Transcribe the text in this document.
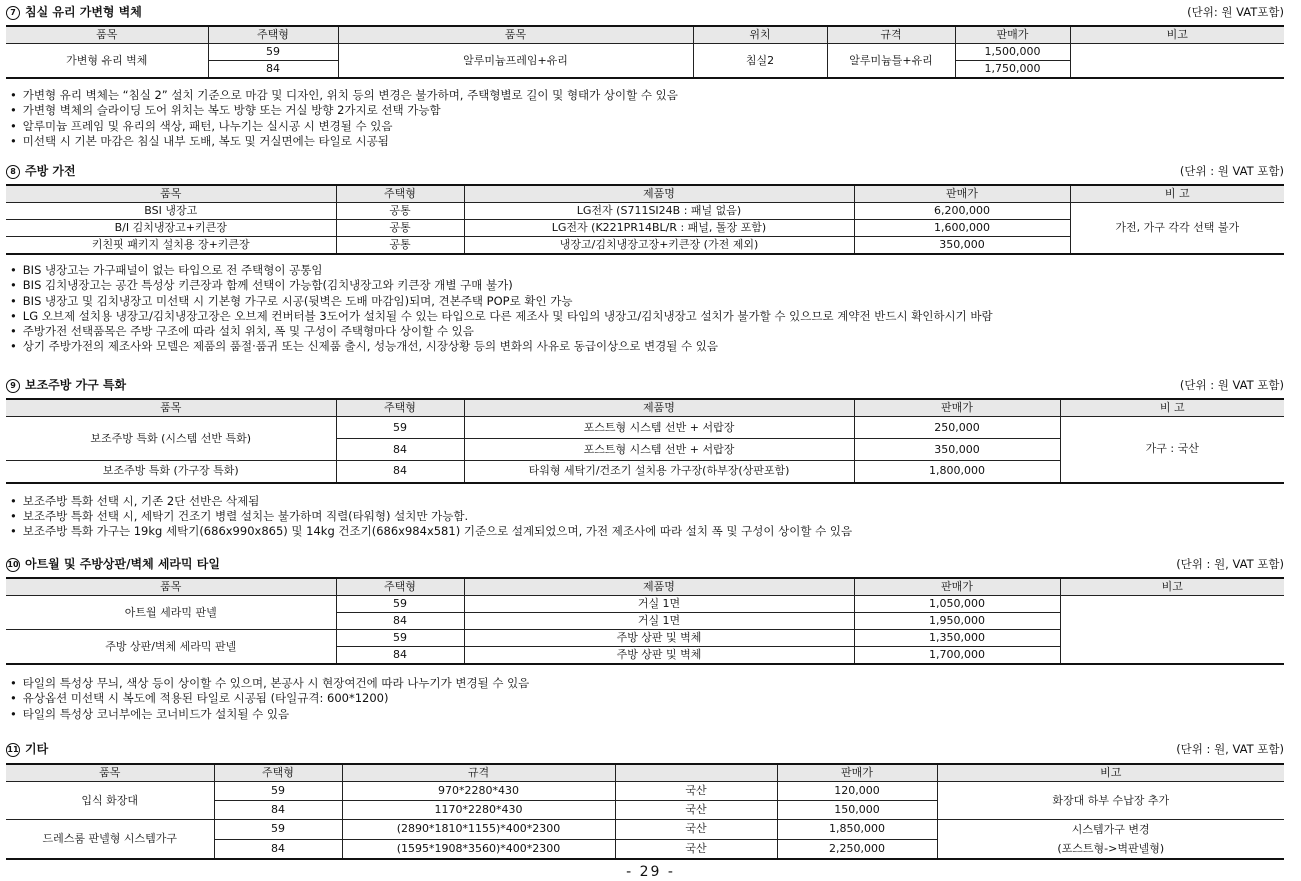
7 침실 유리 가변형 벽체	(단위: 원 VAT포함)
품목	주택형	품목	위치	규격	판매가	비고
가변형 유리 벽체	59	알루미늄프레임+유리	침실2	알루미늄틀+유리	1,500,000	
	84				1,750,000	
• 가변형 유리 벽체는 “침실 2” 설치 기준으로 마감 및 디자인, 위치 등의 변경은 불가하며, 주택형별로 길이 및 형태가 상이할 수 있음
• 가변형 벽체의 슬라이딩 도어 위치는 복도 방향 또는 거실 방향 2가지로 선택 가능함
• 알루미늄 프레임 및 유리의 색상, 패턴, 나누기는 실시공 시 변경될 수 있음
• 미선택 시 기본 마감은 침실 내부 도배, 복도 및 거실면에는 타일로 시공됨
8 주방 가전	(단위 : 원 VAT 포함)
품목	주택형	제품명	판매가	비 고
BSI 냉장고	공통	LG전자 (S711SI24B : 패널 없음)	6,200,000	가전, 가구 각각 선택 불가
B/I 김치냉장고+키큰장	공통	LG전자 (K221PR14BL/R : 패널, 톨장 포함)	1,600,000	
키친핏 패키지 설치용 장+키큰장	공통	냉장고/김치냉장고장+키큰장 (가전 제외)	350,000	
• BIS 냉장고는 가구패널이 없는 타입으로 전 주택형이 공통임
• BIS 김치냉장고는 공간 특성상 키큰장과 함께 선택이 가능함(김치냉장고와 키큰장 개별 구매 불가)
• BIS 냉장고 및 김치냉장고 미선택 시 기본형 가구로 시공(뒷벽은 도배 마감임)되며, 견본주택 POP로 확인 가능
• LG 오브제 설치용 냉장고/김치냉장고장은 오브제 컨버터블 3도어가 설치될 수 있는 타입으로 다른 제조사 및 타입의 냉장고/김치냉장고 설치가 불가할 수 있으므로 계약전 반드시 확인하시기 바람
• 주방가전 선택품목은 주방 구조에 따라 설치 위치, 폭 및 구성이 주택형마다 상이할 수 있음
• 상기 주방가전의 제조사와 모델은 제품의 품절·품귀 또는 신제품 출시, 성능개선, 시장상황 등의 변화의 사유로 동급이상으로 변경될 수 있음
9 보조주방 가구 특화	(단위 : 원 VAT 포함)
품목	주택형	제품명	판매가	비 고
보조주방 특화 (시스템 선반 특화)	59	포스트형 시스템 선반 + 서랍장	250,000	가구 : 국산
	84	포스트형 시스템 선반 + 서랍장	350,000	
보조주방 특화 (가구장 특화)	84	타워형 세탁기/건조기 설치용 가구장(하부장(상판포함)	1,800,000	
• 보조주방 특화 선택 시, 기존 2단 선반은 삭제됨
• 보조주방 특화 선택 시, 세탁기 건조기 병렬 설치는 불가하며 직렬(타워형) 설치만 가능함.
• 보조주방 특화 가구는 19kg 세탁기(686x990x865) 및 14kg 건조기(686x984x581) 기준으로 설계되었으며, 가전 제조사에 따라 설치 폭 및 구성이 상이할 수 있음
10 아트월 및 주방상판/벽체 세라믹 타일	(단위 : 원, VAT 포함)
품목	주택형	제품명	판매가	비고
아트월 세라믹 판넬	59	거실 1면	1,050,000	
	84	거실 1면	1,950,000	
주방 상판/벽체 세라믹 판넬	59	주방 상판 및 벽체	1,350,000	
	84	주방 상판 및 벽체	1,700,000	
• 타일의 특성상 무늬, 색상 등이 상이할 수 있으며, 본공사 시 현장여건에 따라 나누기가 변경될 수 있음
• 유상옵션 미선택 시 복도에 적용된 타일로 시공됨 (타일규격: 600*1200)
• 타일의 특성상 코너부에는 코너비드가 설치될 수 있음
11 기타	(단위 : 원, VAT 포함)
품목	주택형	규격		판매가	비고
입식 화장대	59	970*2280*430	국산	120,000	화장대 하부 수납장 추가
	84	1170*2280*430	국산	150,000	
드레스룸 판넬형 시스템가구	59	(2890*1810*1155)*400*2300	국산	1,850,000	시스템가구 변경
(포스트형->벽판넬형)

	84	(1595*1908*3560)*400*2300	국산	2,250,000	
- 29 -
